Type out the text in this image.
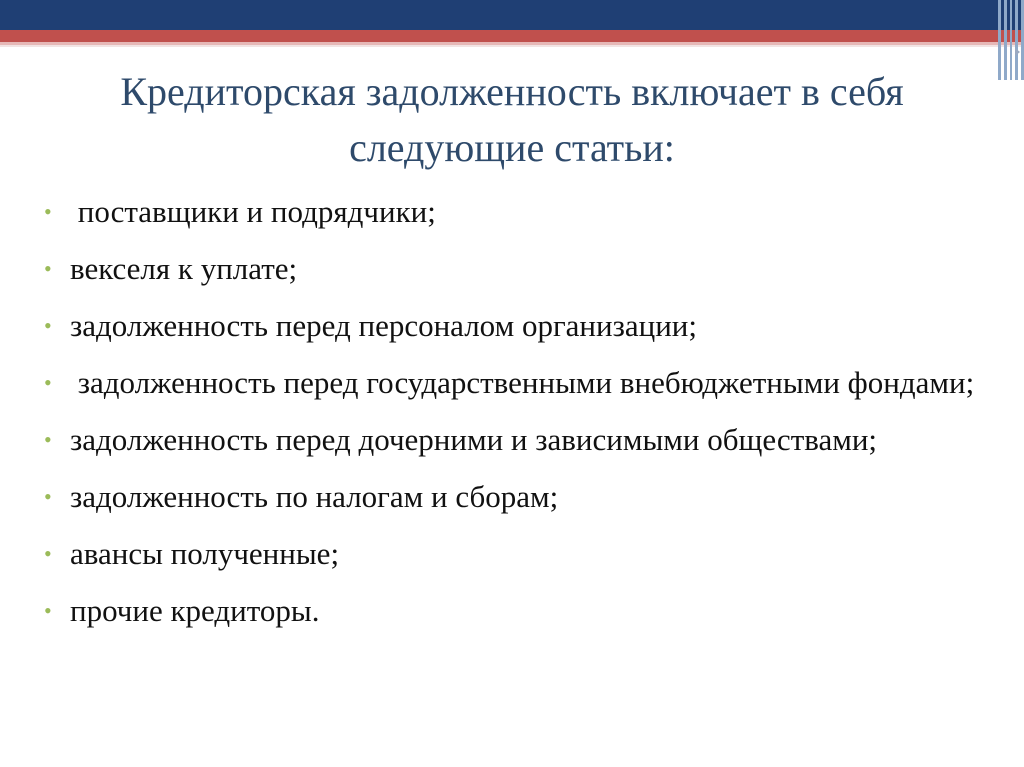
Кредиторская задолженность включает в себя следующие статьи:
• поставщики и подрядчики;
• векселя к уплате;
• задолженность перед персоналом организации;
• задолженность перед государственными внебюджетными фондами;
• задолженность перед дочерними и зависимыми обществами;
• задолженность по налогам и сборам;
• авансы полученные;
• прочие кредиторы.
